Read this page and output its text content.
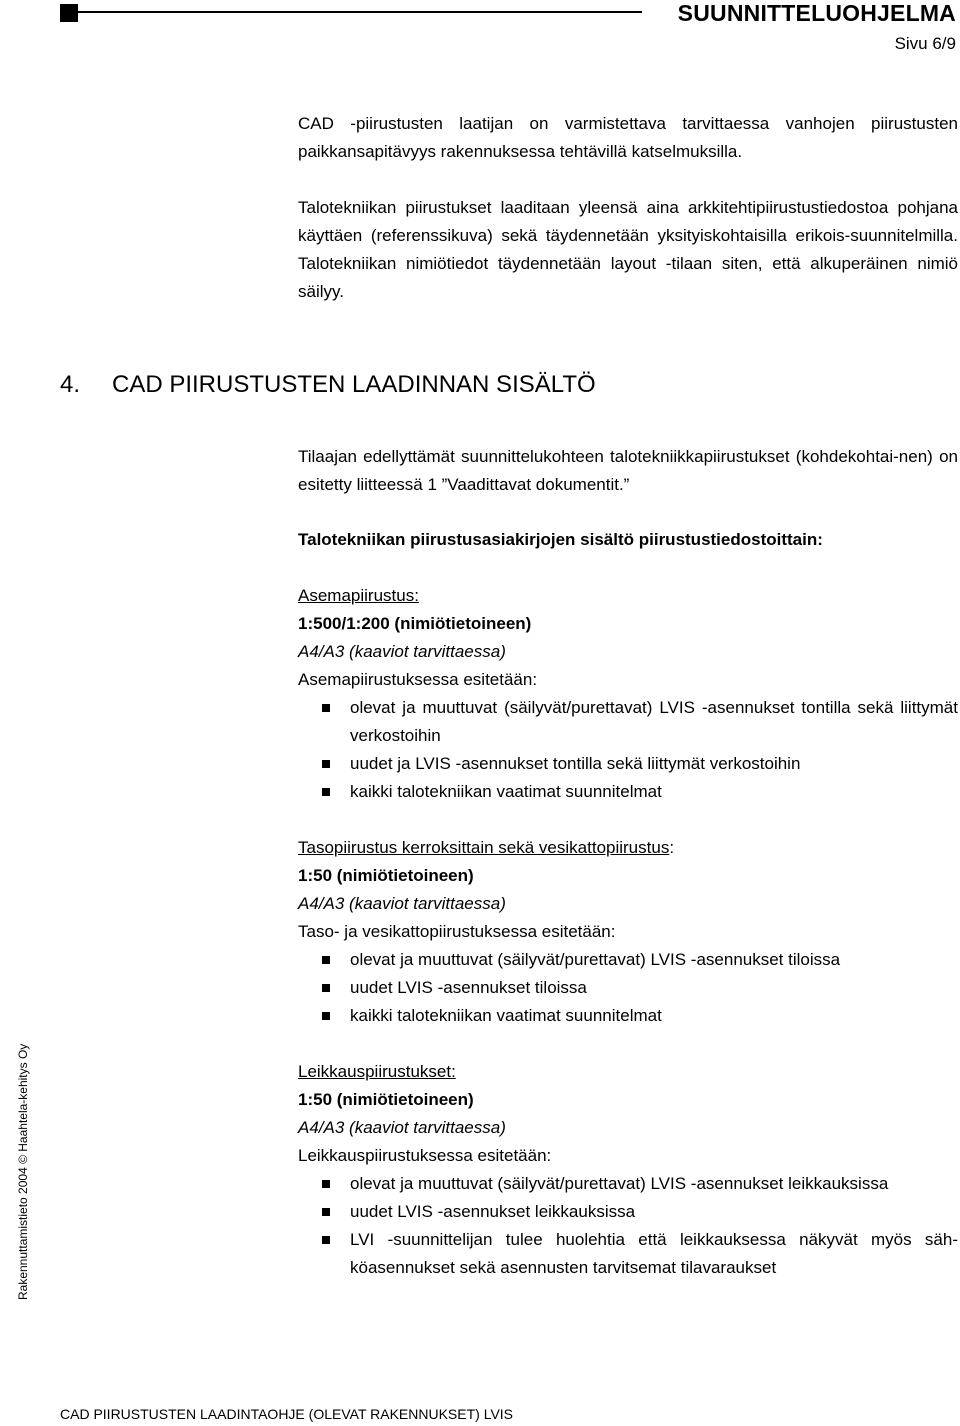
SUUNNITTELUOHJELMA
Sivu 6/9

CAD -piirustusten laatijan on varmistettava tarvittaessa vanhojen piirustusten paikkansapitävyys rakennuksessa tehtävillä katselmuksilla.

Talotekniikan piirustukset laaditaan yleensä aina arkkitehtipiirustustiedostoa pohjana käyttäen (referenssikuva) sekä täydennetään yksityiskohtaisilla erikois-suunnitelmilla. Talotekniikan nimiötiedot täydennetään layout -tilaan siten, että alkuperäinen nimiö säilyy.

4. CAD PIIRUSTUSTEN LAADINNAN SISÄLTÖ

Tilaajan edellyttämät suunnittelukohteen talotekniikkapiirustukset (kohdekohtai-nen) on esitetty liitteessä 1 ”Vaadittavat dokumentit.”

Talotekniikan piirustusasiakirjojen sisältö piirustustiedostoittain:

Asemapiirustus:

1:500/1:200 (nimiötietoineen)

A4/A3 (kaaviot tarvittaessa)

Asemapiirustuksessa esitetään:

olevat ja muuttuvat (säilyvät/purettavat) LVIS -asennukset tontilla sekä liittymät verkostoihin
uudet ja LVIS -asennukset tontilla sekä liittymät verkostoihin
kaikki talotekniikan vaatimat suunnitelmat

Tasopiirustus kerroksittain sekä vesikattopiirustus:

1:50 (nimiötietoineen)

A4/A3 (kaaviot tarvittaessa)

Taso- ja vesikattopiirustuksessa esitetään:

olevat ja muuttuvat (säilyvät/purettavat) LVIS -asennukset tiloissa
uudet LVIS -asennukset tiloissa
kaikki talotekniikan vaatimat suunnitelmat

Leikkauspiirustukset:

1:50 (nimiötietoineen)

A4/A3 (kaaviot tarvittaessa)

Leikkauspiirustuksessa esitetään:

olevat ja muuttuvat (säilyvät/purettavat) LVIS -asennukset leikkauksissa
uudet LVIS -asennukset leikkauksissa
LVI -suunnittelijan tulee huolehtia että leikkauksessa näkyvät myös säh-köasennukset sekä asennusten tarvitsemat tilavaraukset
Rakennuttamistieto 2004 © Haahtela-kehitys Oy
CAD PIIRUSTUSTEN LAADINTAOHJE (OLEVAT RAKENNUKSET) LVIS
